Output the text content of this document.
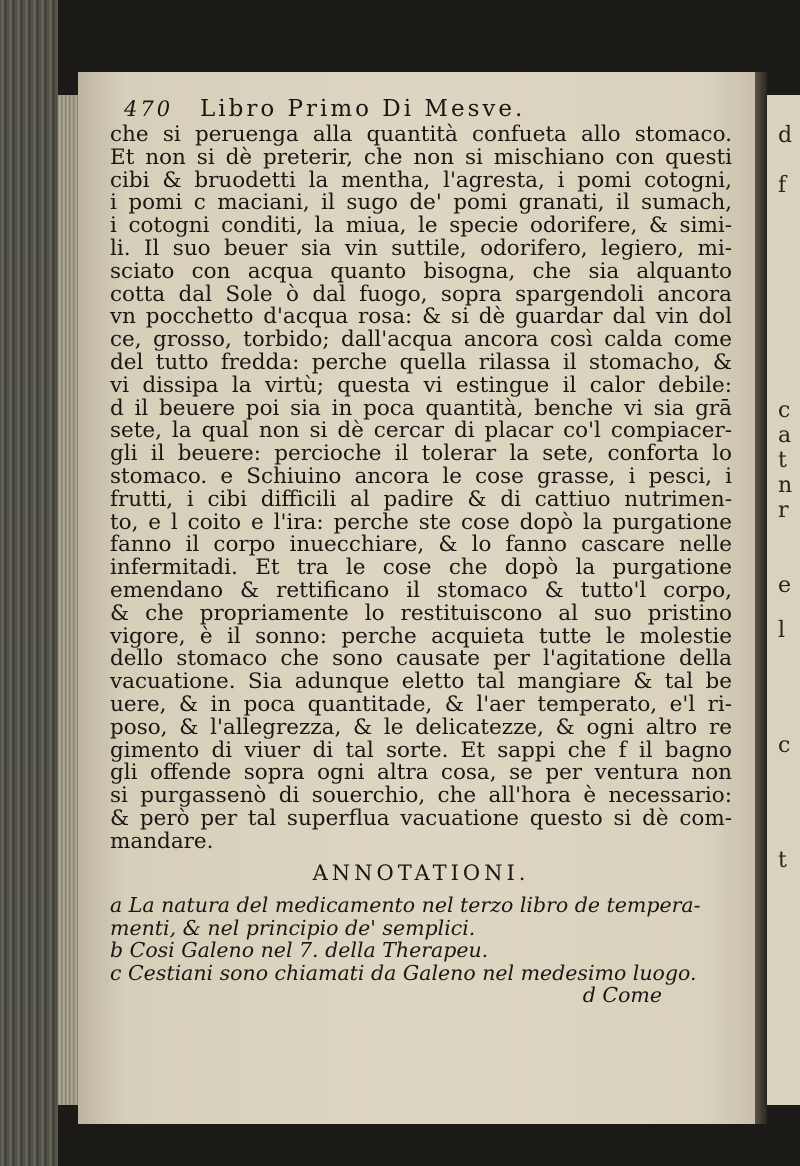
d
f
c
a
t
n
r
e
l
c
t
470 Libro Primo Di Mesve.
che si peruenga alla quantità confueta allo stomaco.
Et non si dè preterir, che non si mischiano con questi
cibi & bruodetti la mentha, l'agresta, i pomi cotogni,
i pomi c maciani, il sugo de' pomi granati, il sumach,
i cotogni conditi, la miua, le specie odorifere, & simi-
li. Il suo beuer sia vin suttile, odorifero, legiero, mi-
sciato con acqua quanto bisogna, che sia alquanto
cotta dal Sole ò dal fuogo, sopra spargendoli ancora
vn pocchetto d'acqua rosa: & si dè guardar dal vin dol
ce, grosso, torbido; dall'acqua ancora così calda come
del tutto fredda: perche quella rilassa il stomacho, &
vi dissipa la virtù; questa vi estingue il calor debile:
d il beuere poi sia in poca quantità, benche vi sia grā
sete, la qual non si dè cercar di placar co'l compiacer-
gli il beuere: percioche il tolerar la sete, conforta lo
stomaco. e Schiuino ancora le cose grasse, i pesci, i
frutti, i cibi difficili al padire & di cattiuo nutrimen-
to, e l coito e l'ira: perche ste cose dopò la purgatione
fanno il corpo inuecchiare, & lo fanno cascare nelle
infermitadi. Et tra le cose che dopò la purgatione
emendano & rettificano il stomaco & tutto'l corpo,
& che propriamente lo restituiscono al suo pristino
vigore, è il sonno: perche acquieta tutte le molestie
dello stomaco che sono causate per l'agitatione della
vacuatione. Sia adunque eletto tal mangiare & tal be
uere, & in poca quantitade, & l'aer temperato, e'l ri-
poso, & l'allegrezza, & le delicatezze, & ogni altro re
gimento di viuer di tal sorte. Et sappi che f il bagno
gli offende sopra ogni altra cosa, se per ventura non
si purgassenò di souerchio, che all'hora è necessario:
& però per tal superflua vacuatione questo si dè com-
mandare.
ANNOTATIONI.
a La natura del medicamento nel terzo libro de tempera-
menti, & nel principio de' semplici.
b Cosi Galeno nel 7. della Therapeu.
c Cestiani sono chiamati da Galeno nel medesimo luogo.
d Come
